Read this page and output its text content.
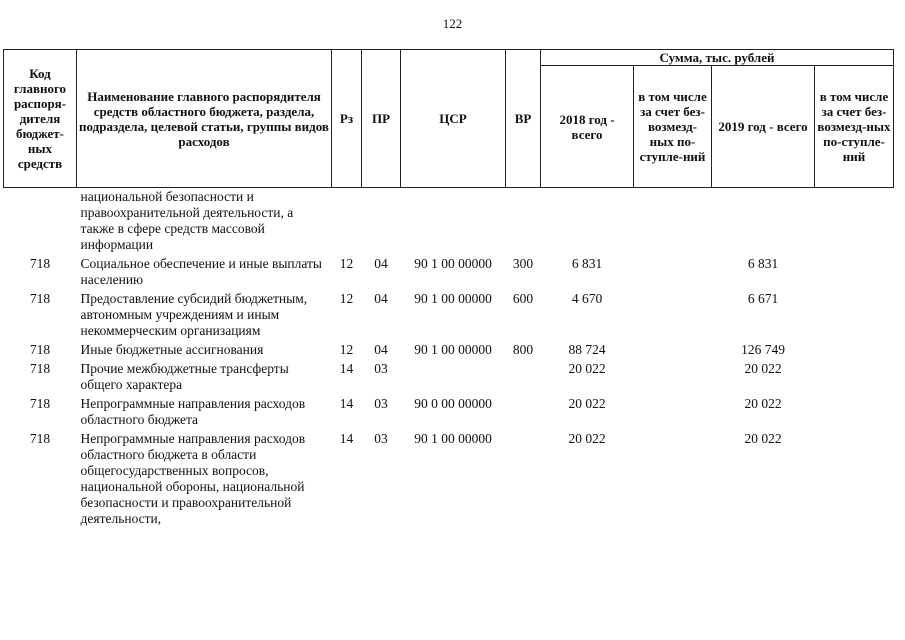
122
Код главного распоря-дителя бюджет-ных средств	Наименование главного распорядителя средств областного бюджета, раздела, подраздела, целевой статьи, группы видов расходов	Рз	ПР	ЦСР	ВР	Сумма, тыс. рублей			
						2018 год - всего	в том числе за счет без-возмезд-ных по-ступле-ний	2019 год - всего	в том числе за счет без-возмезд-ных по-ступле-ний
	национальной безопасности и правоохранительной деятельности, а также в сфере средств массовой информации								

718	Социальное обеспечение и иные выплаты населению	12	04	90 1 00 00000	300	6 831		6 831	

718	Предоставление субсидий бюджетным, автономным учреждениям и иным некоммерческим организациям	12	04	90 1 00 00000	600	4 670		6 671	

718	Иные бюджетные ассигнования	12	04	90 1 00 00000	800	88 724		126 749	

718	Прочие межбюджетные трансферты общего характера	14	03			20 022		20 022	

718	Непрограммные направления расходов областного бюджета	14	03	90 0 00 00000		20 022		20 022	

718	Непрограммные направления расходов областного бюджета в области общегосударственных вопросов, национальной обороны, национальной безопасности и правоохранительной деятельности,	14	03	90 1 00 00000		20 022		20 022	
